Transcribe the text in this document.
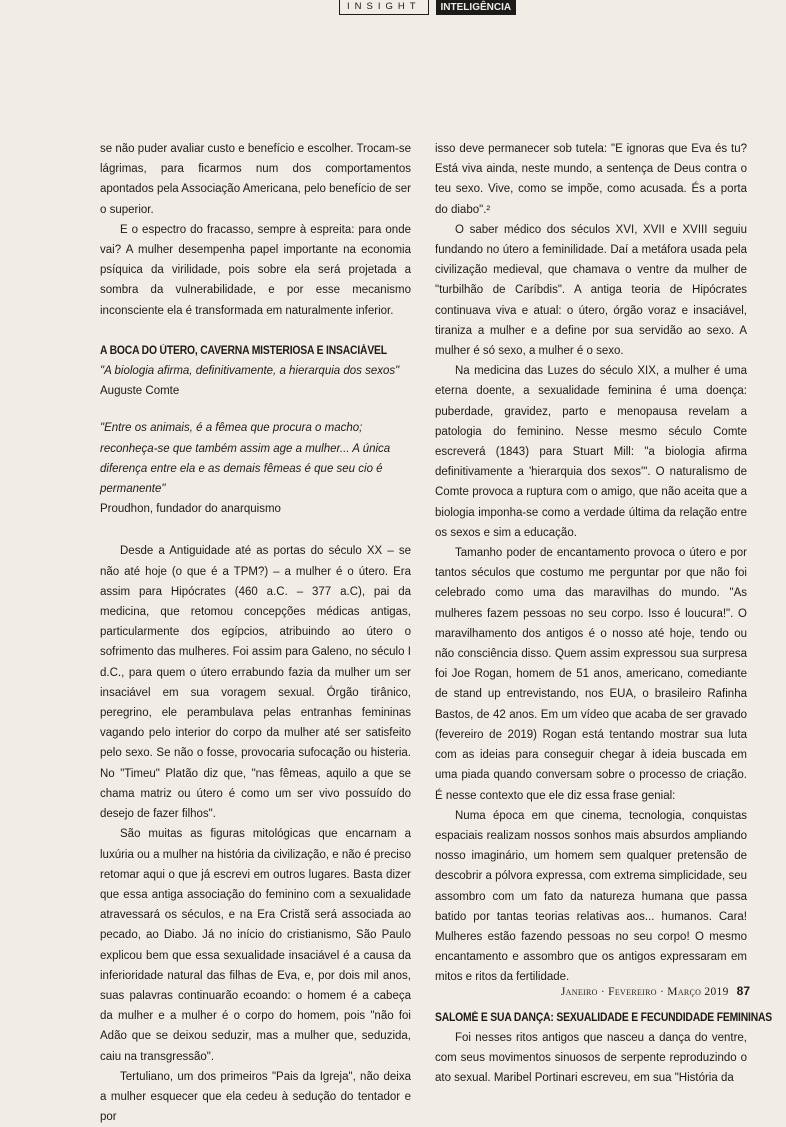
INSIGHT	INTELIGÊNCIA

se não puder avaliar custo e benefício e escolher. Trocam-se lágrimas, para ficarmos num dos comportamentos apontados pela Associação Americana, pelo benefício de ser o superior.

E o espectro do fracasso, sempre à espreita: para onde vai? A mulher desempenha papel importante na economia psíquica da virilidade, pois sobre ela será projetada a sombra da vulnerabilidade, e por esse mecanismo inconsciente ela é transformada em naturalmente inferior.

A BOCA DO ÚTERO, CAVERNA MISTERIOSA E INSACIÁVEL

"A biologia afirma, definitivamente, a hierarquia dos sexos"

Auguste Comte

"Entre os animais, é a fêmea que procura o macho; reconheça-se que também assim age a mulher... A única diferença entre ela e as demais fêmeas é que seu cio é permanente"

Proudhon, fundador do anarquismo

Desde a Antiguidade até as portas do século XX – se não até hoje (o que é a TPM?) – a mulher é o útero. Era assim para Hipócrates (460 a.C. – 377 a.C), pai da medicina, que retomou concepções médicas antigas, particularmente dos egípcios, atribuindo ao útero o sofrimento das mulheres. Foi assim para Galeno, no século I d.C., para quem o útero errabundo fazia da mulher um ser insaciável em sua voragem sexual. Órgão tirânico, peregrino, ele perambulava pelas entranhas femininas vagando pelo interior do corpo da mulher até ser satisfeito pelo sexo. Se não o fosse, provocaria sufocação ou histeria. No "Timeu" Platão diz que, "nas fêmeas, aquilo a que se chama matriz ou útero é como um ser vivo possuído do desejo de fazer filhos".

São muitas as figuras mitológicas que encarnam a luxúria ou a mulher na história da civilização, e não é preciso retomar aqui o que já escrevi em outros lugares. Basta dizer que essa antiga associação do feminino com a sexualidade atravessará os séculos, e na Era Cristã será associada ao pecado, ao Diabo. Já no início do cristianismo, São Paulo explicou bem que essa sexualidade insaciável é a causa da inferioridade natural das filhas de Eva, e, por dois mil anos, suas palavras continuarão ecoando: o homem é a cabeça da mulher e a mulher é o corpo do homem, pois "não foi Adão que se deixou seduzir, mas a mulher que, seduzida, caiu na transgressão".

Tertuliano, um dos primeiros "Pais da Igreja", não deixa a mulher esquecer que ela cedeu à sedução do tentador e por

isso deve permanecer sob tutela: "E ignoras que Eva és tu? Está viva ainda, neste mundo, a sentença de Deus contra o teu sexo. Vive, como se impõe, como acusada. És a porta do diabo".²

O saber médico dos séculos XVI, XVII e XVIII seguiu fundando no útero a feminilidade. Daí a metáfora usada pela civilização medieval, que chamava o ventre da mulher de "turbilhão de Caríbdis". A antiga teoria de Hipócrates continuava viva e atual: o útero, órgão voraz e insaciável, tiraniza a mulher e a define por sua servidão ao sexo. A mulher é só sexo, a mulher é o sexo.

Na medicina das Luzes do século XIX, a mulher é uma eterna doente, a sexualidade feminina é uma doença: puberdade, gravidez, parto e menopausa revelam a patologia do feminino. Nesse mesmo século Comte escreverá (1843) para Stuart Mill: "a biologia afirma definitivamente a 'hierarquia dos sexos'". O naturalismo de Comte provoca a ruptura com o amigo, que não aceita que a biologia imponha-se como a verdade última da relação entre os sexos e sim a educação.

Tamanho poder de encantamento provoca o útero e por tantos séculos que costumo me perguntar por que não foi celebrado como uma das maravilhas do mundo. "As mulheres fazem pessoas no seu corpo. Isso é loucura!". O maravilhamento dos antigos é o nosso até hoje, tendo ou não consciência disso. Quem assim expressou sua surpresa foi Joe Rogan, homem de 51 anos, americano, comediante de stand up entrevistando, nos EUA, o brasileiro Rafinha Bastos, de 42 anos. Em um vídeo que acaba de ser gravado (fevereiro de 2019) Rogan está tentando mostrar sua luta com as ideias para conseguir chegar à ideia buscada em uma piada quando conversam sobre o processo de criação. É nesse contexto que ele diz essa frase genial:

Numa época em que cinema, tecnologia, conquistas espaciais realizam nossos sonhos mais absurdos ampliando nosso imaginário, um homem sem qualquer pretensão de descobrir a pólvora expressa, com extrema simplicidade, seu assombro com um fato da natureza humana que passa batido por tantas teorias relativas aos... humanos. Cara! Mulheres estão fazendo pessoas no seu corpo! O mesmo encantamento e assombro que os antigos expressaram em mitos e ritos da fertilidade.

SALOMÉ E SUA DANÇA: SEXUALIDADE E FECUNDIDADE FEMININAS

Foi nesses ritos antigos que nasceu a dança do ventre, com seus movimentos sinuosos de serpente reproduzindo o ato sexual. Maribel Portinari escreveu, em sua "História da

Janeiro · Fevereiro · Março 2019 87
